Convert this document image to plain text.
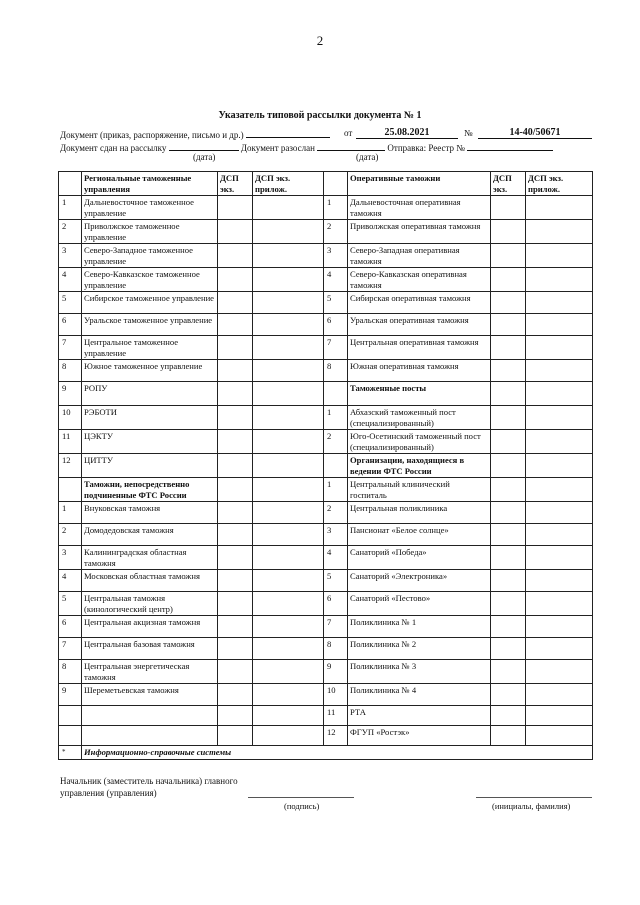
2
Указатель типовой рассылки документа № 1
Документ (приказ, распоряжение, письмо и др.)	от	25.08.2021	№	14-40/50671
Документ сдан на рассылку	Документ разослан	Отправка: Реестр №
(дата)	(дата)
	Региональные таможенные управления	ДСП экз.	ДСП экз. прилож.		Оперативные таможни	ДСП экз.	ДСП экз. прилож.
1	Дальневосточное таможенное управление			1	Дальневосточная оперативная таможня		
2	Приволжское таможенное управление			2	Приволжская оперативная таможня		
3	Северо-Западное таможенное управление			3	Северо-Западная оперативная таможня		
4	Северо-Кавказское таможенное управление			4	Северо-Кавказская оперативная таможня		
5	Сибирское таможенное управление			5	Сибирская оперативная таможня		
6	Уральское таможенное управление			6	Уральская оперативная таможня		
7	Центральное таможенное управление			7	Центральная оперативная таможня		
8	Южное таможенное управление			8	Южная оперативная таможня		
9	РОПУ				Таможенные посты		
10	РЭБОТИ			1	Абхазский таможенный пост (специализированный)		
11	ЦЭКТУ			2	Юго-Осетинский таможенный пост (специализированный)		
12	ЦИТТУ				Организации, находящиеся в ведении ФТС России		
	Таможни, непосредственно подчиненные ФТС России			1	Центральный клинический госпиталь		
1	Внуковская таможня			2	Центральная поликлиника		
2	Домодедовская таможня			3	Пансионат «Белое солнце»		
3	Калининградская областная таможня			4	Санаторий «Победа»		
4	Московская областная таможня			5	Санаторий «Электроника»		
5	Центральная таможня (кинологический центр)			6	Санаторий «Пестово»		
6	Центральная акцизная таможня			7	Поликлиника № 1		
7	Центральная базовая таможня			8	Поликлиника № 2		
8	Центральная энергетическая таможня			9	Поликлиника № 3		
9	Шереметьевская таможня			10	Поликлиника № 4		
				11	РТА		
				12	ФГУП «Ростэк»		
*	Информационно-справочные системы						
Начальник (заместитель начальника) главного управления (управления)
(подпись)	(инициалы, фамилия)
